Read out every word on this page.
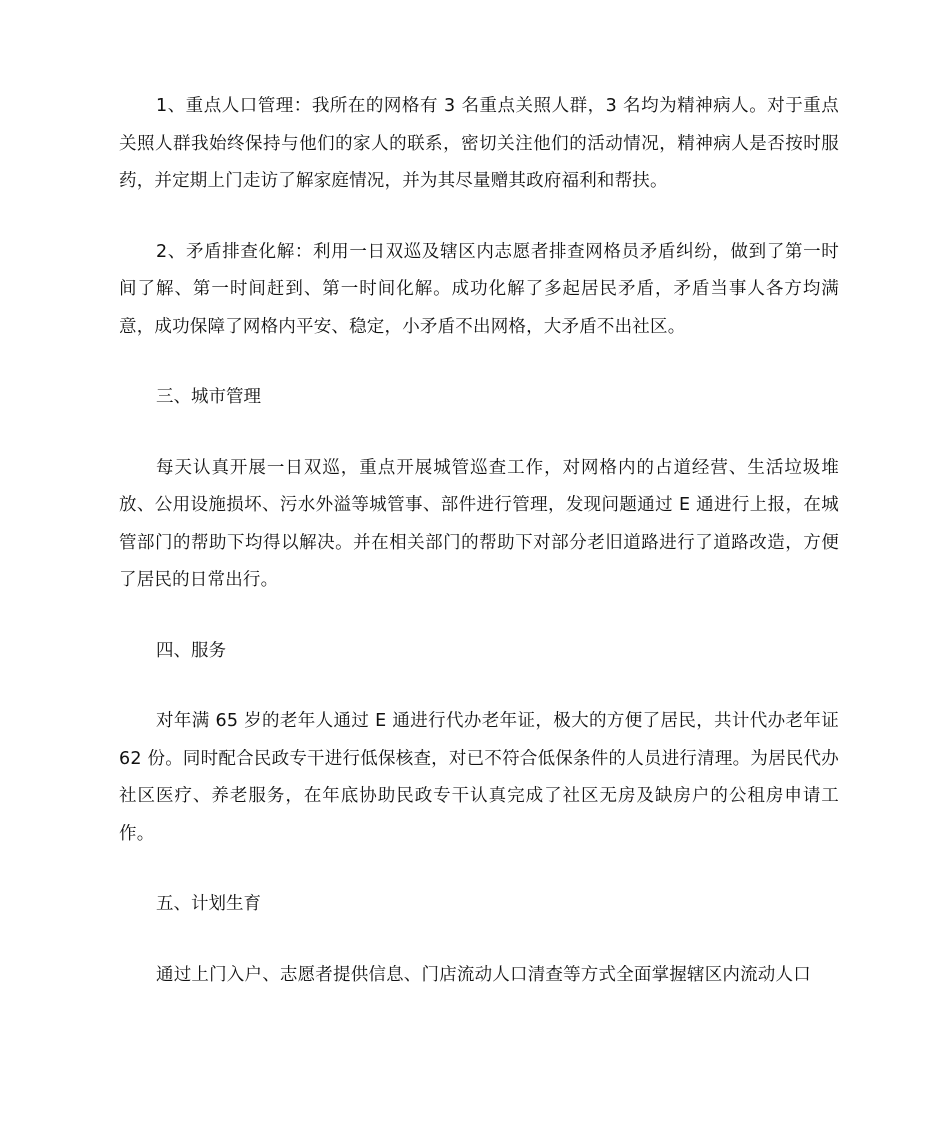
1、重点人口管理：我所在的网格有 3 名重点关照人群，3 名均为精神病人。对于重点关照人群我始终保持与他们的家人的联系，密切关注他们的活动情况，精神病人是否按时服药，并定期上门走访了解家庭情况，并为其尽量赠其政府福利和帮扶。

2、矛盾排查化解：利用一日双巡及辖区内志愿者排查网格员矛盾纠纷，做到了第一时间了解、第一时间赶到、第一时间化解。成功化解了多起居民矛盾，矛盾当事人各方均满意，成功保障了网格内平安、稳定，小矛盾不出网格，大矛盾不出社区。

三、城市管理

每天认真开展一日双巡，重点开展城管巡查工作，对网格内的占道经营、生活垃圾堆放、公用设施损坏、污水外溢等城管事、部件进行管理，发现问题通过 E 通进行上报，在城管部门的帮助下均得以解决。并在相关部门的帮助下对部分老旧道路进行了道路改造，方便了居民的日常出行。

四、服务

对年满 65 岁的老年人通过 E 通进行代办老年证，极大的方便了居民，共计代办老年证 62 份。同时配合民政专干进行低保核查，对已不符合低保条件的人员进行清理。为居民代办社区医疗、养老服务，在年底协助民政专干认真完成了社区无房及缺房户的公租房申请工作。

五、计划生育

通过上门入户、志愿者提供信息、门店流动人口清查等方式全面掌握辖区内流动人口
